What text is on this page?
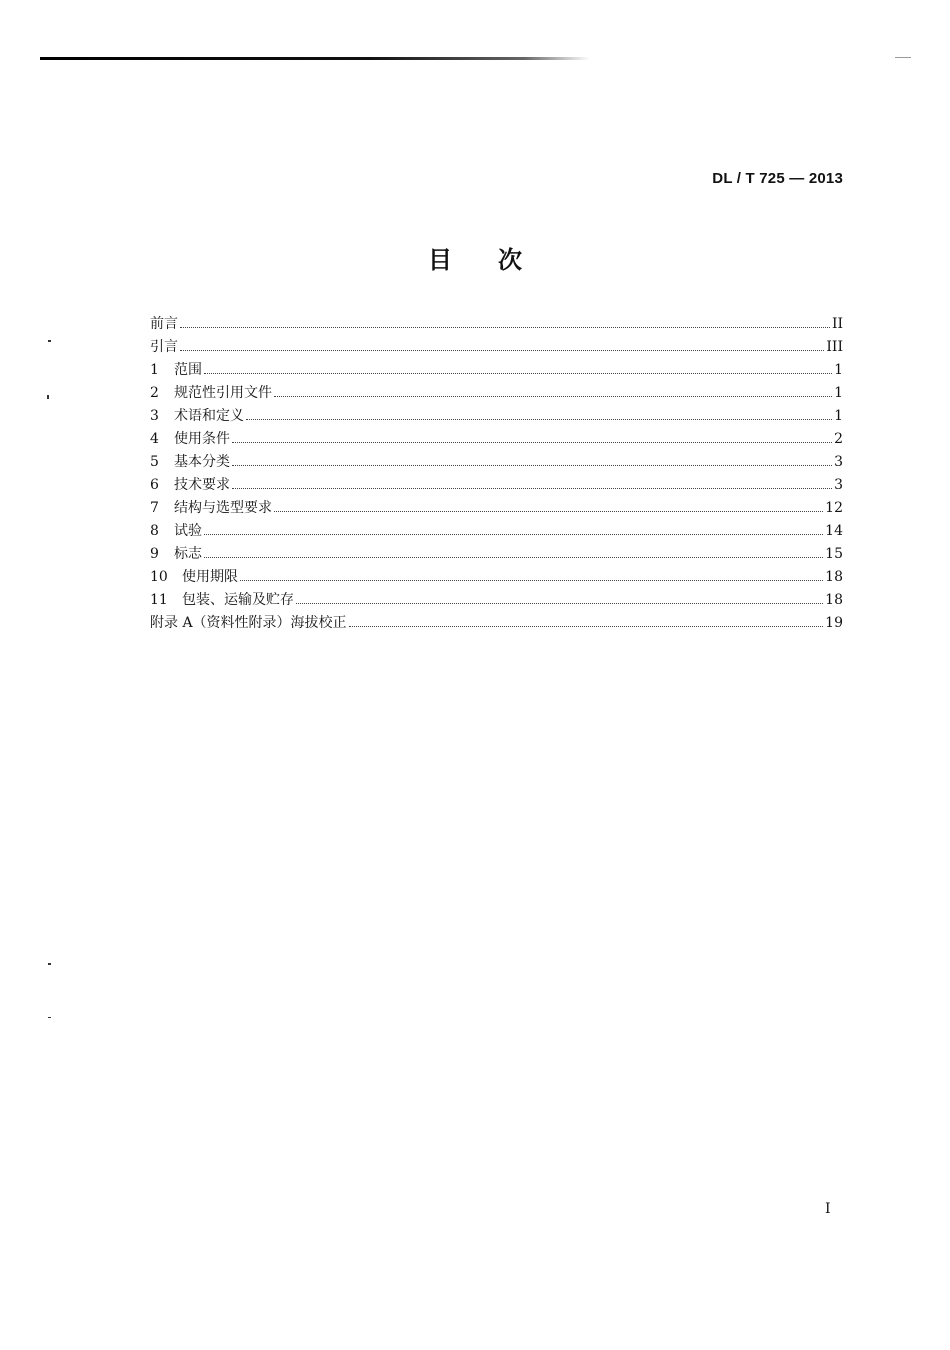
DL / T 725 — 2013
目次
前言	II
引言	III
1	范围	1
2	规范性引用文件	1
3	术语和定义	1
4	使用条件	2
5	基本分类	3
6	技术要求	3
7	结构与选型要求	12
8	试验	14
9	标志	15
10	使用期限	18
11	包装、运输及贮存	18
附录 A（资料性附录）海拔校正	19
I
